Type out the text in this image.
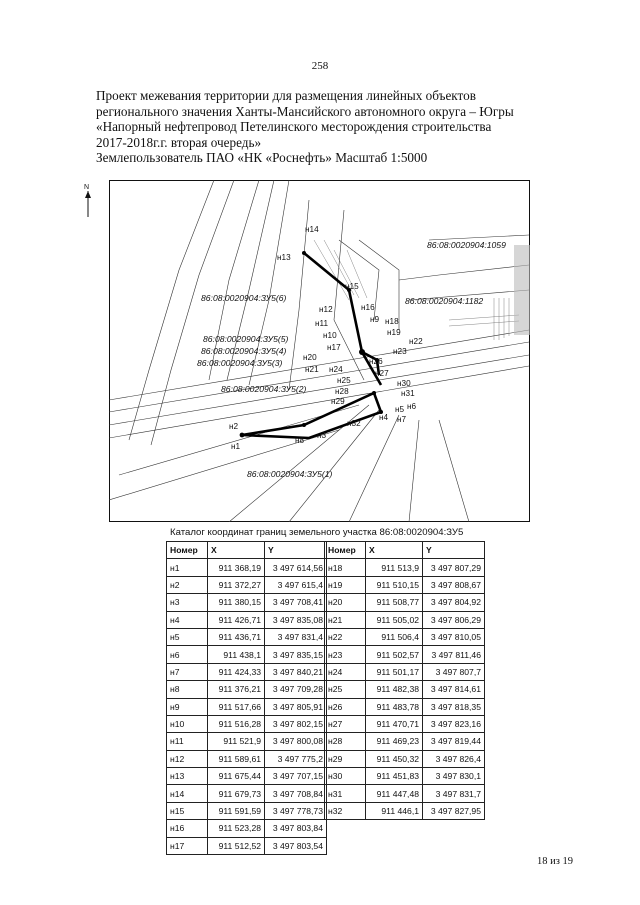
258
Проект межевания территории для размещения линейных объектов
регионального значения Ханты-Мансийского автономного округа – Югры
«Напорный нефтепровод Петелинского месторождения строительства
2017-2018г.г. вторая очередь»
Землепользователь ПАО «НК «Роснефть» Масштаб 1:5000
N
86:08:0020904:1059
86:08:0020904:1182
86:08:0020904:ЗУ5(6)
86:08:0020904:ЗУ5(5)
86:08:0020904:ЗУ5(4)
86:08:0020904:ЗУ5(3)
86:08:0020904:ЗУ5(2)
86:08:0020904:ЗУ5(1)
н1
н2
н3
н4
н5 н6
н7
н8
н9
н10
н11
н12
н13
н14
н15
н16
н17
н18
н19
н20
н21
н22
н23
н24
н25
н26
н27
н28
н29
н30
н31
н32
Каталог координат границ земельного участка 86:08:0020904:ЗУ5
Номер	X	Y
н1	911 368,19	3 497 614,56
н2	911 372,27	3 497 615,4
н3	911 380,15	3 497 708,41
н4	911 426,71	3 497 835,08
н5	911 436,71	3 497 831,4
н6	911 438,1	3 497 835,15
н7	911 424,33	3 497 840,21
н8	911 376,21	3 497 709,28
н9	911 517,66	3 497 805,91
н10	911 516,28	3 497 802,15
н11	911 521,9	3 497 800,08
н12	911 589,61	3 497 775,2
н13	911 675,44	3 497 707,15
н14	911 679,73	3 497 708,84
н15	911 591,59	3 497 778,73
н16	911 523,28	3 497 803,84
н17	911 512,52	3 497 803,54
Номер	X	Y
н18	911 513,9	3 497 807,29
н19	911 510,15	3 497 808,67
н20	911 508,77	3 497 804,92
н21	911 505,02	3 497 806,29
н22	911 506,4	3 497 810,05
н23	911 502,57	3 497 811,46
н24	911 501,17	3 497 807,7
н25	911 482,38	3 497 814,61
н26	911 483,78	3 497 818,35
н27	911 470,71	3 497 823,16
н28	911 469,23	3 497 819,44
н29	911 450,32	3 497 826,4
н30	911 451,83	3 497 830,1
н31	911 447,48	3 497 831,7
н32	911 446,1	3 497 827,95
18 из 19
